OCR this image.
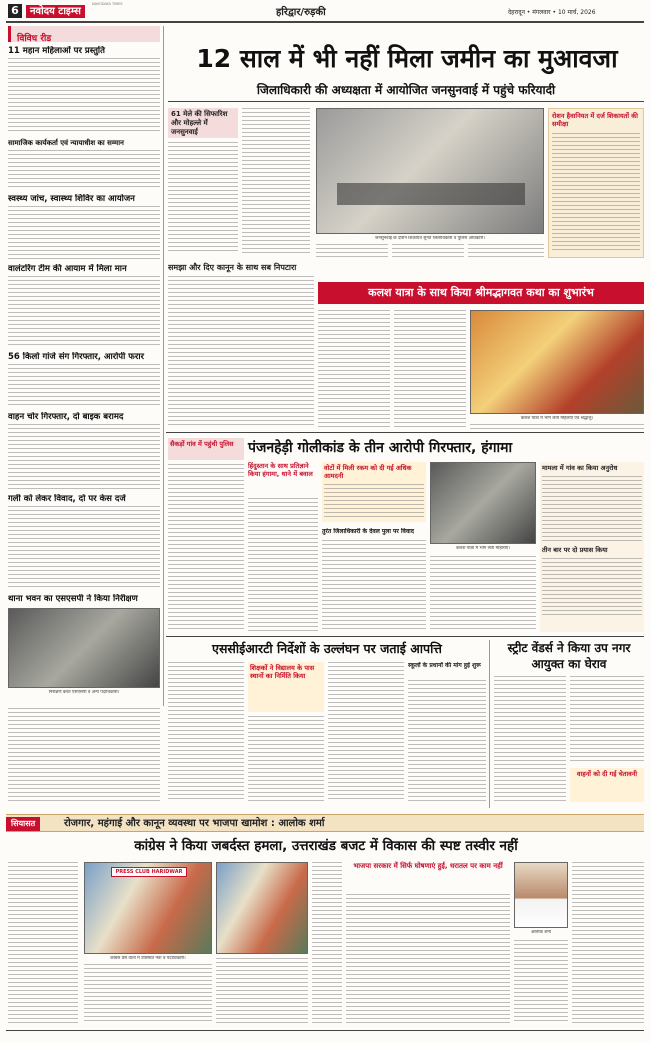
6	नवोदय टाइम्स
NAVODAYA TIMES
हरिद्वार/रुड़की	देहरादून • मंगलवार • 10 मार्च, 2026
विविध रीड
11 महान महिलाओं पर प्रस्तुति
सामाजिक कार्यकर्ता एवं न्यायाधीश का सम्मान
स्वस्थ्य जांच, स्वास्थ्य शिविर का आयोजन
वालंटरिंग टीम की आयाम में मिला मान
56 किलो गांजे संग गिरफ्तार, आरोपी फरार
वाहन चोर गिरफ्तार, दो बाइक बरामद
गली को लेकर विवाद, दो पर केस दर्ज
थाना भवन का एसएसपी ने किया निरीक्षण
निरीक्षण करते एसएसपी व अन्य पदाधिकारी।
12 साल में भी नहीं मिला जमीन का मुआवजा
जिलाधिकारी की अध्यक्षता में आयोजित जनसुनवाई में पहुंचे फरियादी
61 मेले की सिफारिश और मोहल्ले में जनसुनवाई
जनसुनवाई के दौरान शिकायत सुनते जिलाधिकारी व पुलिस अधिकारी।
रोशन हैवानियत में दर्ज शिकायतों की समीक्षा
समझा और दिए कानून के साथ सब निपटारा
कलश यात्रा के साथ किया श्रीमद्भागवत कथा का शुभारंभ
कलश यात्रा में भाग लेती महिलाएं एवं श्रद्धालु।
सैकड़ों गांव में पहुंची पुलिस	पंजनहेड़ी गोलीकांड के तीन आरोपी गिरफ्तार, हंगामा
हिंदुस्तान के साथ प्रतिज्ञाने किया हंगामा, थाने में बवाल
वोटों में मिली रकम को दी गई अधिक आमदनी
कलश यात्रा में भाग लेती महिलाएं।
तुरंत जिलाधिकारी के देवल पुला पर विवाद
मामला में गांव का किया अनुरोध
तीन बार पर दो प्रयास किया
एससीईआरटी निर्देशों के उल्लंघन पर जताई आपत्ति
शिक्षकों ने विद्यालय के पास स्थानों का निर्मिति किया
स्कूलों के प्रधानों की मांग हुई शुरू
स्ट्रीट वेंडर्स ने किया उप नगर आयुक्त का घेराव
वाहनों को दी गई चेतावनी
सियासत	रोजगार, महंगाई और कानून व्यवस्था पर भाजपा खामोश : आलोक शर्मा
कांग्रेस ने किया जबर्दस्त हमला, उत्तराखंड बजट में विकास की स्पष्ट तस्वीर नहीं
PRESS CLUB HARIDWAR
कांग्रेस प्रेस वार्ता में उपस्थित नेता व पदाधिकारी।
भाजपा सरकार में सिर्फ घोषणाएं हुई, धरातल पर काम नहीं
आलोक शर्मा
